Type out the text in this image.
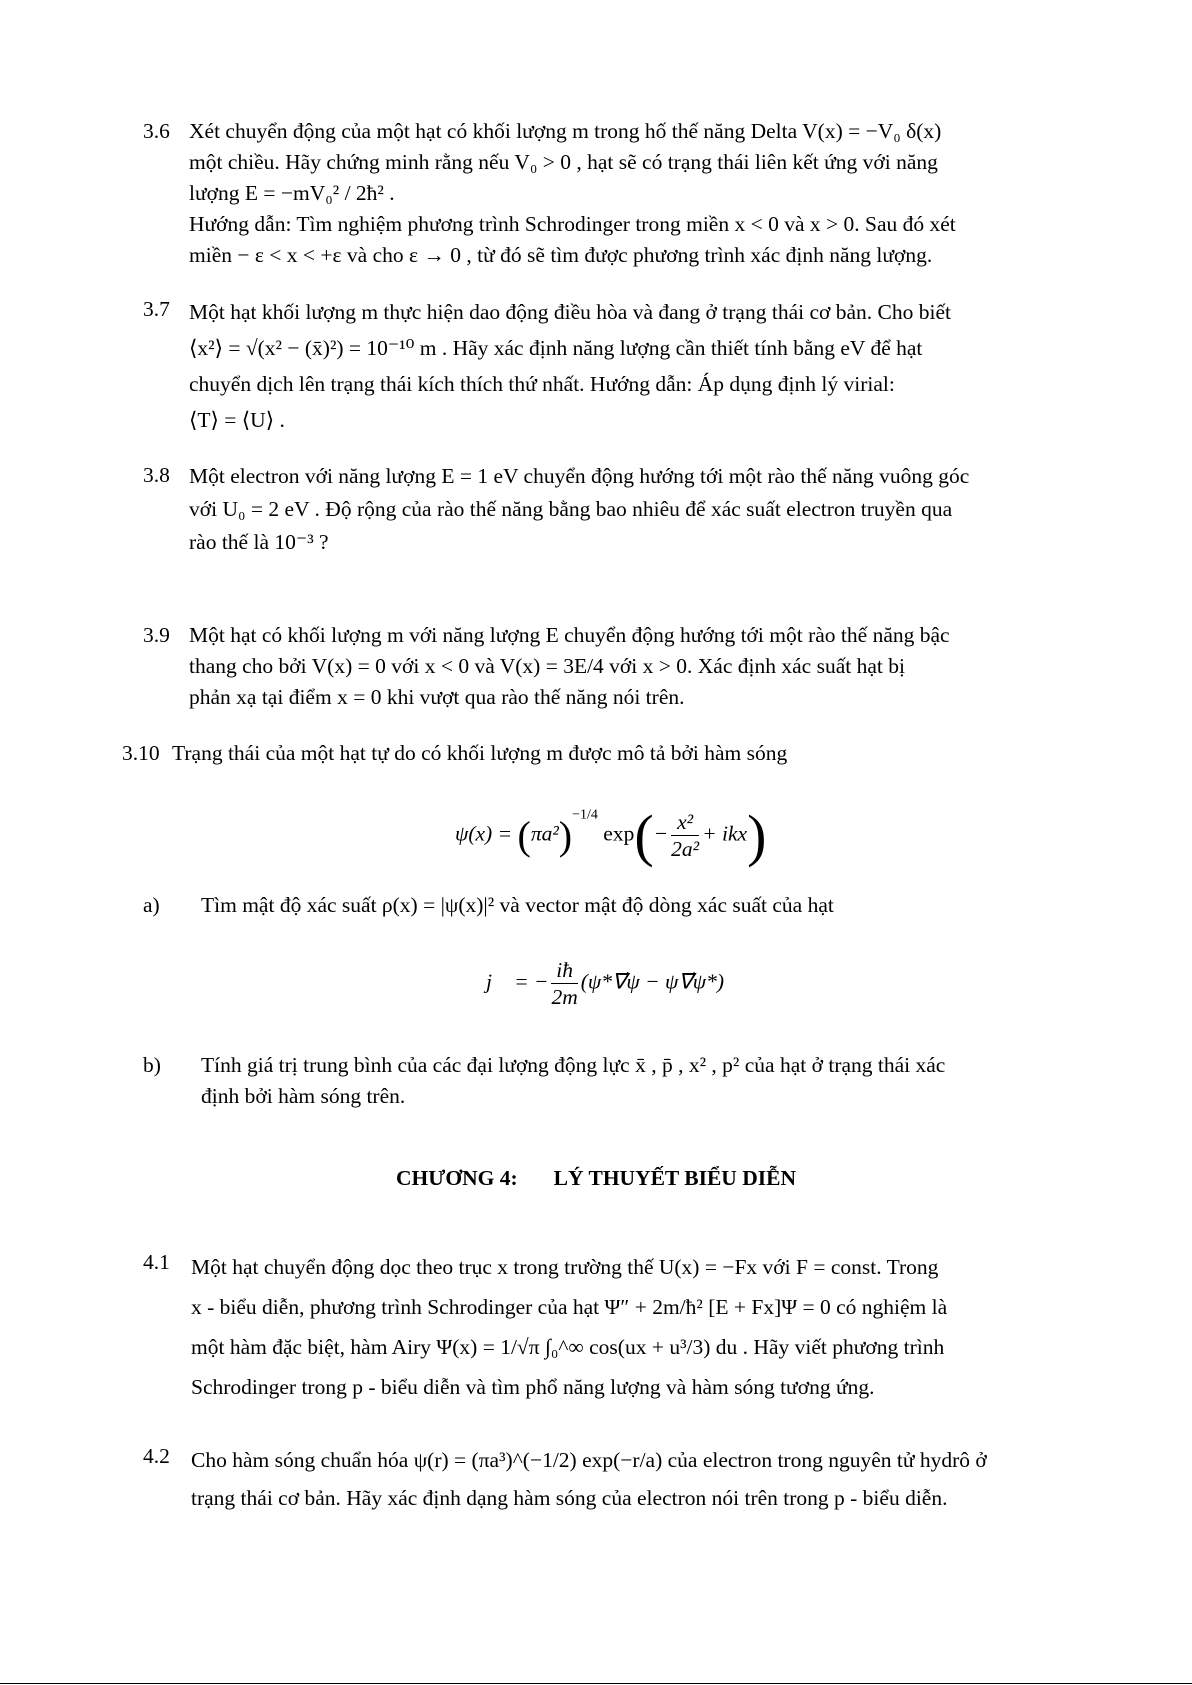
3.6 Xét chuyển động của một hạt có khối lượng m trong hố thế năng Delta V(x) = −V₀ δ(x)
một chiều. Hãy chứng minh rằng nếu V₀ > 0 , hạt sẽ có trạng thái liên kết ứng với năng
lượng E = −mV₀² / 2ħ² .
Hướng dẫn: Tìm nghiệm phương trình Schrodinger trong miền x < 0 và x > 0. Sau đó xét
miền − ε < x < +ε và cho ε → 0 , từ đó sẽ tìm được phương trình xác định năng lượng.
3.7 Một hạt khối lượng m thực hiện dao động điều hòa và đang ở trạng thái cơ bản. Cho biết
⟨x²⟩ = √(x² − (x̄)²) = 10⁻¹⁰ m . Hãy xác định năng lượng cần thiết tính bằng eV để hạt
chuyển dịch lên trạng thái kích thích thứ nhất. Hướng dẫn: Áp dụng định lý virial:
⟨T⟩ = ⟨U⟩ .
3.8 Một electron với năng lượng E = 1 eV chuyển động hướng tới một rào thế năng vuông góc
với U₀ = 2 eV . Độ rộng của rào thế năng bằng bao nhiêu để xác suất electron truyền qua
rào thế là 10⁻³ ?
3.9 Một hạt có khối lượng m với năng lượng E chuyển động hướng tới một rào thế năng bậc
thang cho bởi V(x) = 0 với x < 0 và V(x) = 3E/4 với x > 0. Xác định xác suất hạt bị
phản xạ tại điểm x = 0 khi vượt qua rào thế năng nói trên.
3.10 Trạng thái của một hạt tự do có khối lượng m được mô tả bởi hàm sóng
$\psi(x) = (\pi a^2)^{-1/4}$ $\exp(- \frac{\text{x²}}{\text{2a²}} + ikx)$
a) Tìm mật độ xác suất ρ(x) = |ψ(x)|² và vector mật độ dòng xác suất của hạt
j⃗ = − $\frac{iħ}{2m}$ (ψ*∇⃗ψ − ψ∇⃗ψ*)
b) Tính giá trị trung bình của các đại lượng động lực x̄ , p̄ , x² , p² của hạt ở trạng thái xác
định bởi hàm sóng trên.
CHƯƠNG 4: LÝ THUYẾT BIỂU DIỄN
4.1 Một hạt chuyển động dọc theo trục x trong trường thế U(x) = −Fx với F = const. Trong
x - biểu diễn, phương trình Schrodinger của hạt Ψ″ + 2m/ħ² [E + Fx]Ψ = 0 có nghiệm là
một hàm đặc biệt, hàm Airy Ψ(x) = 1/√π ∫₀^∞ cos(ux + u³/3) du . Hãy viết phương trình
Schrodinger trong p - biểu diễn và tìm phổ năng lượng và hàm sóng tương ứng.
4.2 Cho hàm sóng chuẩn hóa ψ(r) = (πa³)^(−1/2) exp(−r/a) của electron trong nguyên tử hydrô ở
trạng thái cơ bản. Hãy xác định dạng hàm sóng của electron nói trên trong p - biểu diễn.
